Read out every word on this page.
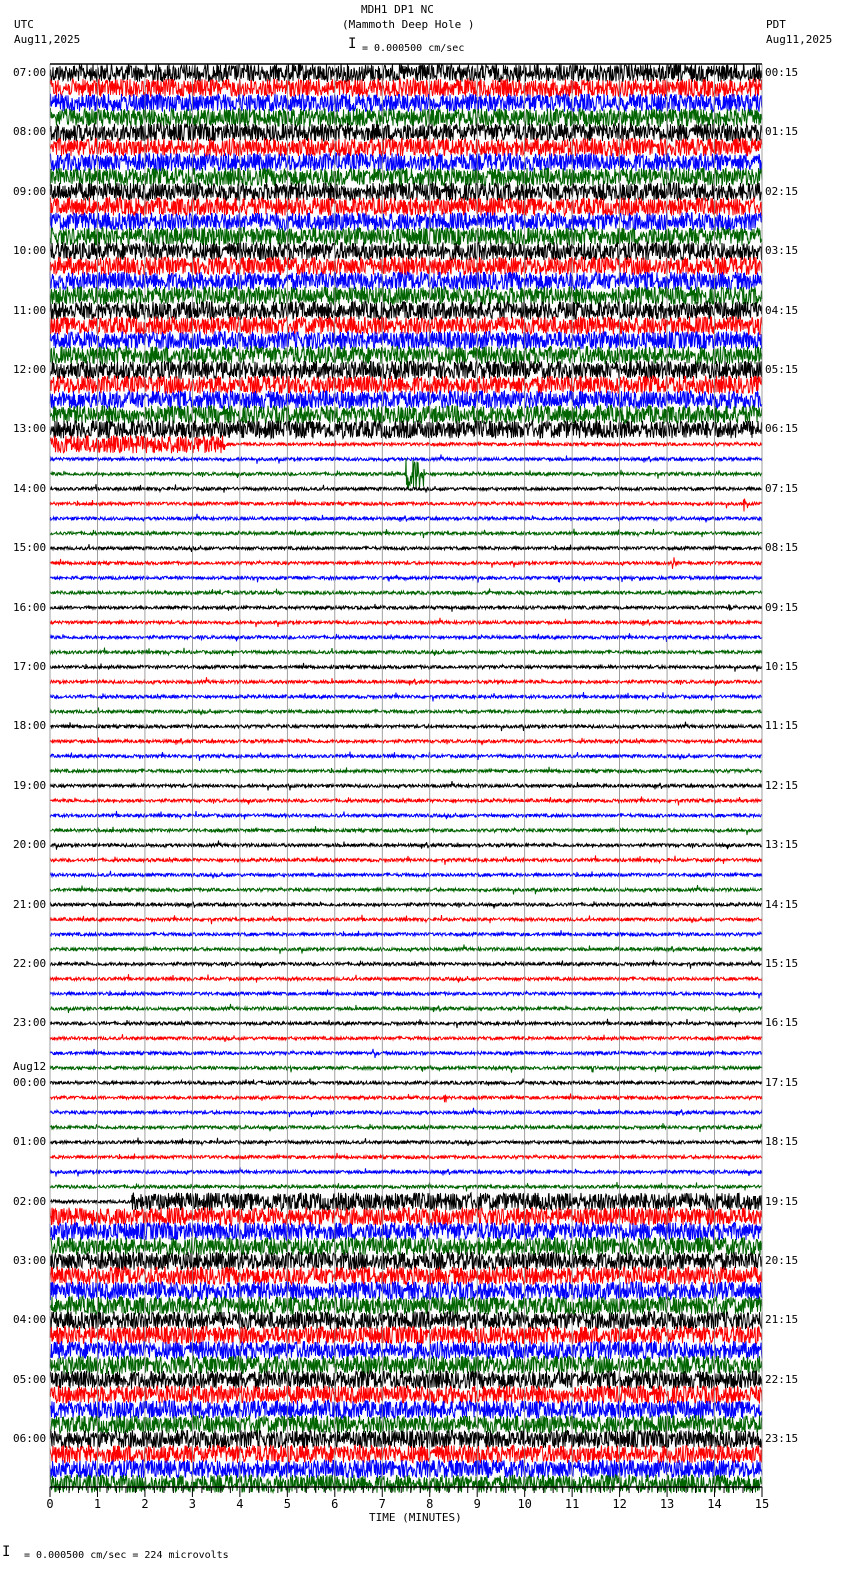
0	1	2	3	4	5	6	7	8	9	10	11	12	13	14	15
MDH1 DP1 NC
(Mammoth Deep Hole )
UTC
Aug11,2025
PDT
Aug11,2025
I = 0.000500 cm/sec
TIME (MINUTES)
I = 0.000500 cm/sec = 224 microvolts
Aug12
07:00	00:15
08:00	01:15
09:00	02:15
10:00	03:15
11:00	04:15
12:00	05:15
13:00	06:15
14:00	07:15
15:00	08:15
16:00	09:15
17:00	10:15
18:00	11:15
19:00	12:15
20:00	13:15
21:00	14:15
22:00	15:15
23:00	16:15
00:00	17:15
01:00	18:15
02:00	19:15
03:00	20:15
04:00	21:15
05:00	22:15
06:00	23:15
